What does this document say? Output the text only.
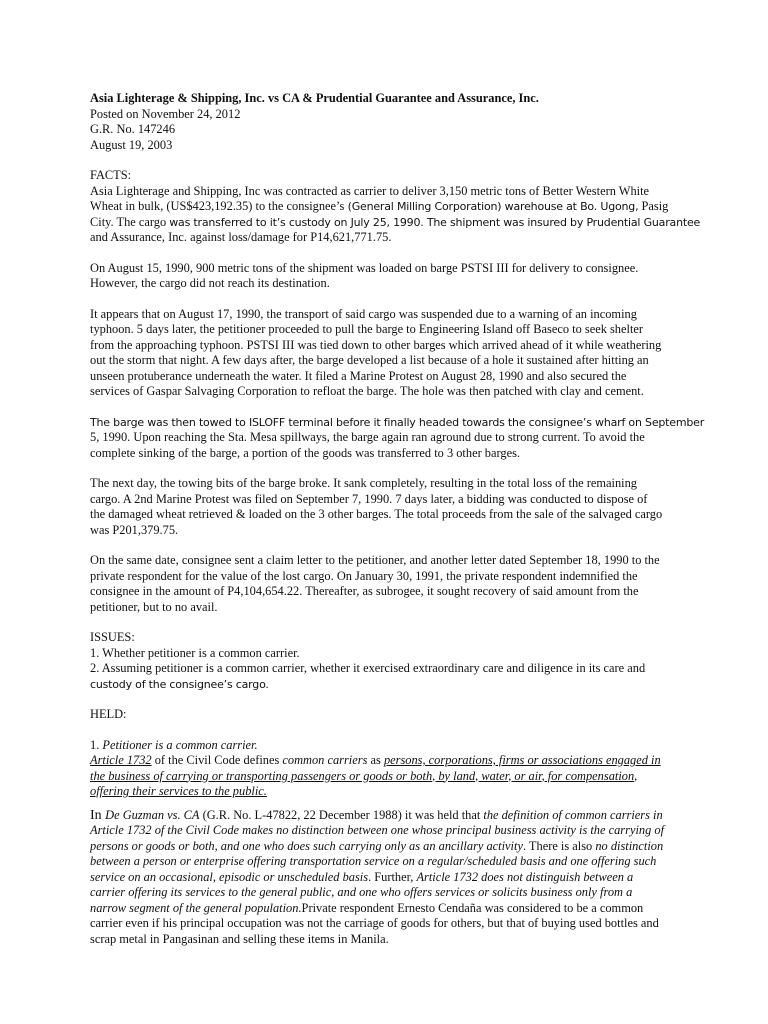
Asia Lighterage & Shipping, Inc. vs CA & Prudential Guarantee and Assurance, Inc.
Posted on November 24, 2012
G.R. No. 147246
August 19, 2003
FACTS:
Asia Lighterage and Shipping, Inc was contracted as carrier to deliver 3,150 metric tons of Better Western White
Wheat in bulk, (US$423,192.35) to the consignee’s (General Milling Corporation) warehouse at Bo. Ugong, Pasig
City. The cargo was transferred to it’s custody on July 25, 1990. The shipment was insured by Prudential Guarantee
and Assurance, Inc. against loss/damage for P14,621,771.75.
On August 15, 1990, 900 metric tons of the shipment was loaded on barge PSTSI III for delivery to consignee.
However, the cargo did not reach its destination.
It appears that on August 17, 1990, the transport of said cargo was suspended due to a warning of an incoming
typhoon. 5 days later, the petitioner proceeded to pull the barge to Engineering Island off Baseco to seek shelter
from the approaching typhoon. PSTSI III was tied down to other barges which arrived ahead of it while weathering
out the storm that night. A few days after, the barge developed a list because of a hole it sustained after hitting an
unseen protuberance underneath the water. It filed a Marine Protest on August 28, 1990 and also secured the
services of Gaspar Salvaging Corporation to refloat the barge. The hole was then patched with clay and cement.
The barge was then towed to ISLOFF terminal before it finally headed towards the consignee’s wharf on September
5, 1990. Upon reaching the Sta. Mesa spillways, the barge again ran aground due to strong current. To avoid the
complete sinking of the barge, a portion of the goods was transferred to 3 other barges.
The next day, the towing bits of the barge broke. It sank completely, resulting in the total loss of the remaining
cargo. A 2nd Marine Protest was filed on September 7, 1990. 7 days later, a bidding was conducted to dispose of
the damaged wheat retrieved & loaded on the 3 other barges. The total proceeds from the sale of the salvaged cargo
was P201,379.75.
On the same date, consignee sent a claim letter to the petitioner, and another letter dated September 18, 1990 to the
private respondent for the value of the lost cargo. On January 30, 1991, the private respondent indemnified the
consignee in the amount of P4,104,654.22. Thereafter, as subrogee, it sought recovery of said amount from the
petitioner, but to no avail.
ISSUES:
1. Whether petitioner is a common carrier.
2. Assuming petitioner is a common carrier, whether it exercised extraordinary care and diligence in its care and
custody of the consignee’s cargo.
HELD:
1. Petitioner is a common carrier.
Article 1732 of the Civil Code defines common carriers as persons, corporations, firms or associations engaged in
the business of carrying or transporting passengers or goods or both, by land, water, or air, for compensation,
offering their services to the public.
In De Guzman vs. CA (G.R. No. L-47822, 22 December 1988) it was held that the definition of common carriers in
Article 1732 of the Civil Code makes no distinction between one whose principal business activity is the carrying of
persons or goods or both, and one who does such carrying only as an ancillary activity. There is also no distinction
between a person or enterprise offering transportation service on a regular/scheduled basis and one offering such
service on an occasional, episodic or unscheduled basis. Further, Article 1732 does not distinguish between a
carrier offering its services to the general public, and one who offers services or solicits business only from a
narrow segment of the general population.Private respondent Ernesto Cendaña was considered to be a common
carrier even if his principal occupation was not the carriage of goods for others, but that of buying used bottles and
scrap metal in Pangasinan and selling these items in Manila.
